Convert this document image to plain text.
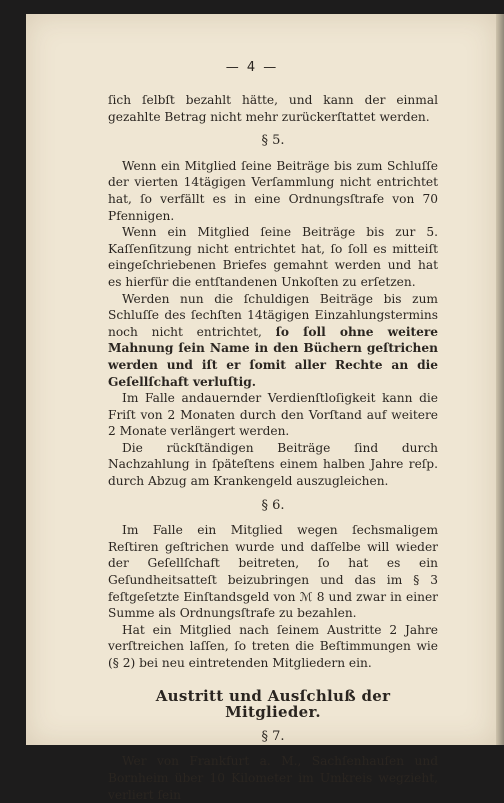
— 4 —

ſich ſelbſt bezahlt hätte, und kann der einmal gezahlte Betrag nicht mehr zurückerſtattet werden.

§ 5.

Wenn ein Mitglied ſeine Beiträge bis zum Schluſſe der vierten 14tägigen Verſammlung nicht entrichtet hat, ſo verfällt es in eine Ordnungsſtrafe von 70 Pfennigen.

Wenn ein Mitglied ſeine Beiträge bis zur 5. Kaſſenſitzung nicht entrichtet hat, ſo ſoll es mitteiſt eingeſchriebenen Briefes gemahnt werden und hat es hierfür die entſtandenen Unkoſten zu erſetzen.

Werden nun die ſchuldigen Beiträge bis zum Schluſſe des ſechſten 14tägigen Einzahlungstermins noch nicht entrichtet, ſo ſoll ohne weitere Mahnung ſein Name in den Büchern geſtrichen werden und iſt er ſomit aller Rechte an die Geſellſchaft verluſtig.

Im Falle andauernder Verdienſtloſigkeit kann die Friſt von 2 Monaten durch den Vorſtand auf weitere 2 Monate verlängert werden.

Die rückſtändigen Beiträge ſind durch Nachzahlung in ſpäteſtens einem halben Jahre reſp. durch Abzug am Krankengeld auszugleichen.

§ 6.

Im Falle ein Mitglied wegen ſechsmaligem Reſtiren geſtrichen wurde und daſſelbe will wieder der Geſellſchaft beitreten, ſo hat es ein Geſundheitsatteſt beizubringen und das im § 3 feſtgeſetzte Einſtandsgeld von ℳ 8 und zwar in einer Summe als Ordnungsſtrafe zu bezahlen.

Hat ein Mitglied nach ſeinem Austritte 2 Jahre verſtreichen laſſen, ſo treten die Beſtimmungen wie (§ 2) bei neu eintretenden Mitgliedern ein.

Austritt und Ausſchluß der Mitglieder.
§ 7.

Wer von Frankfurt a. M., Sachſenhauſen und Bornheim über 10 Kilometer im Umkreis wegzieht, verliert ſein
